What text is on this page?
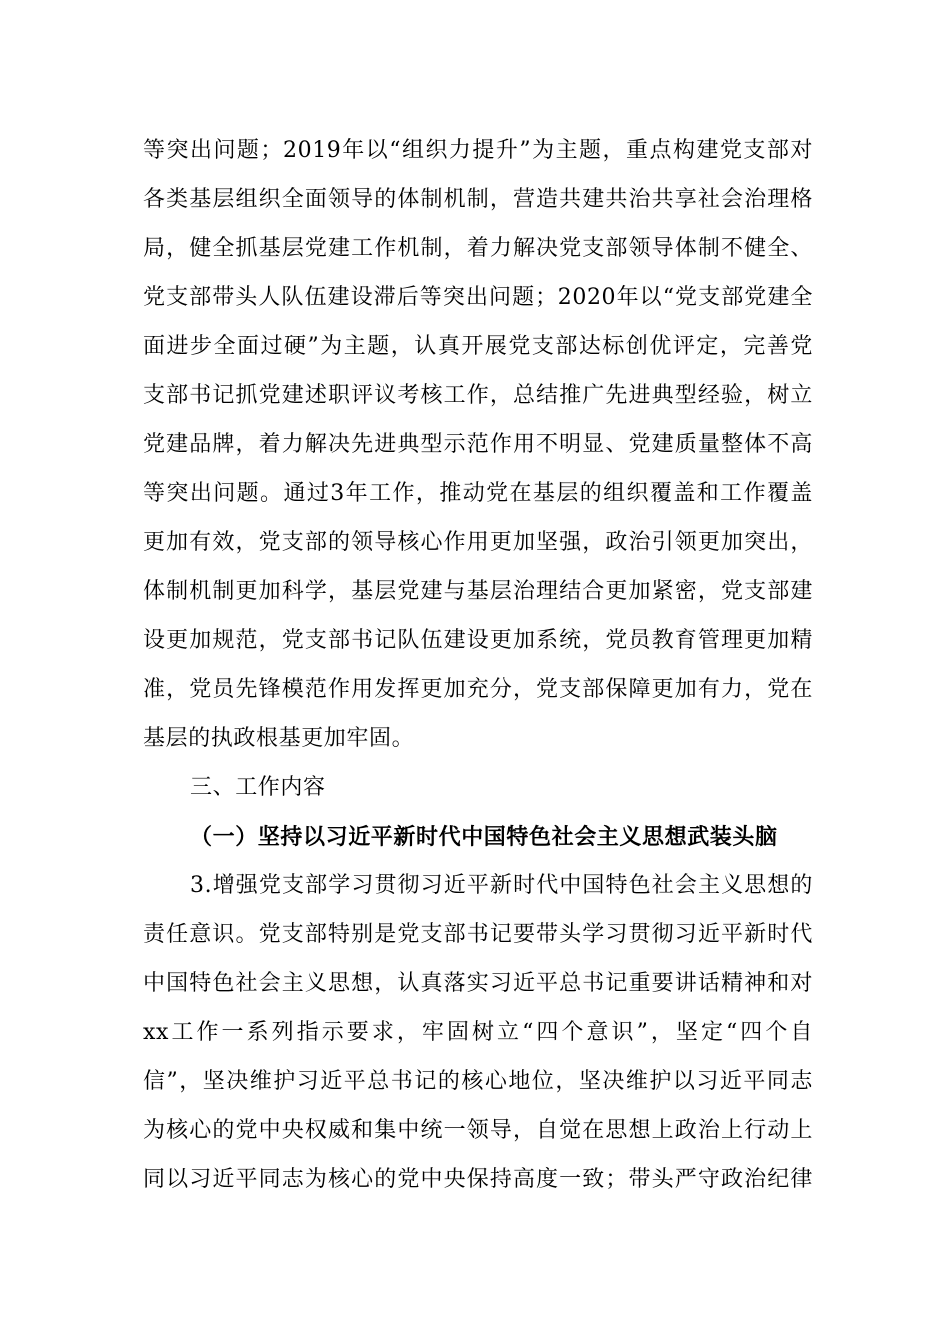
等突出问题；2019年以“组织力提升”为主题，重点构建党支部对
各类基层组织全面领导的体制机制，营造共建共治共享社会治理格
局，健全抓基层党建工作机制，着力解决党支部领导体制不健全、
党支部带头人队伍建设滞后等突出问题；2020年以“党支部党建全
面进步全面过硬”为主题，认真开展党支部达标创优评定，完善党
支部书记抓党建述职评议考核工作，总结推广先进典型经验，树立
党建品牌，着力解决先进典型示范作用不明显、党建质量整体不高
等突出问题。通过3年工作，推动党在基层的组织覆盖和工作覆盖
更加有效，党支部的领导核心作用更加坚强，政治引领更加突出，
体制机制更加科学，基层党建与基层治理结合更加紧密，党支部建
设更加规范，党支部书记队伍建设更加系统，党员教育管理更加精
准，党员先锋模范作用发挥更加充分，党支部保障更加有力，党在
基层的执政根基更加牢固。
三、工作内容
（一）坚持以习近平新时代中国特色社会主义思想武装头脑
3.增强党支部学习贯彻习近平新时代中国特色社会主义思想的
责任意识。党支部特别是党支部书记要带头学习贯彻习近平新时代
中国特色社会主义思想，认真落实习近平总书记重要讲话精神和对
xx工作一系列指示要求，牢固树立“四个意识”，坚定“四个自
信”，坚决维护习近平总书记的核心地位，坚决维护以习近平同志
为核心的党中央权威和集中统一领导，自觉在思想上政治上行动上
同以习近平同志为核心的党中央保持高度一致；带头严守政治纪律
